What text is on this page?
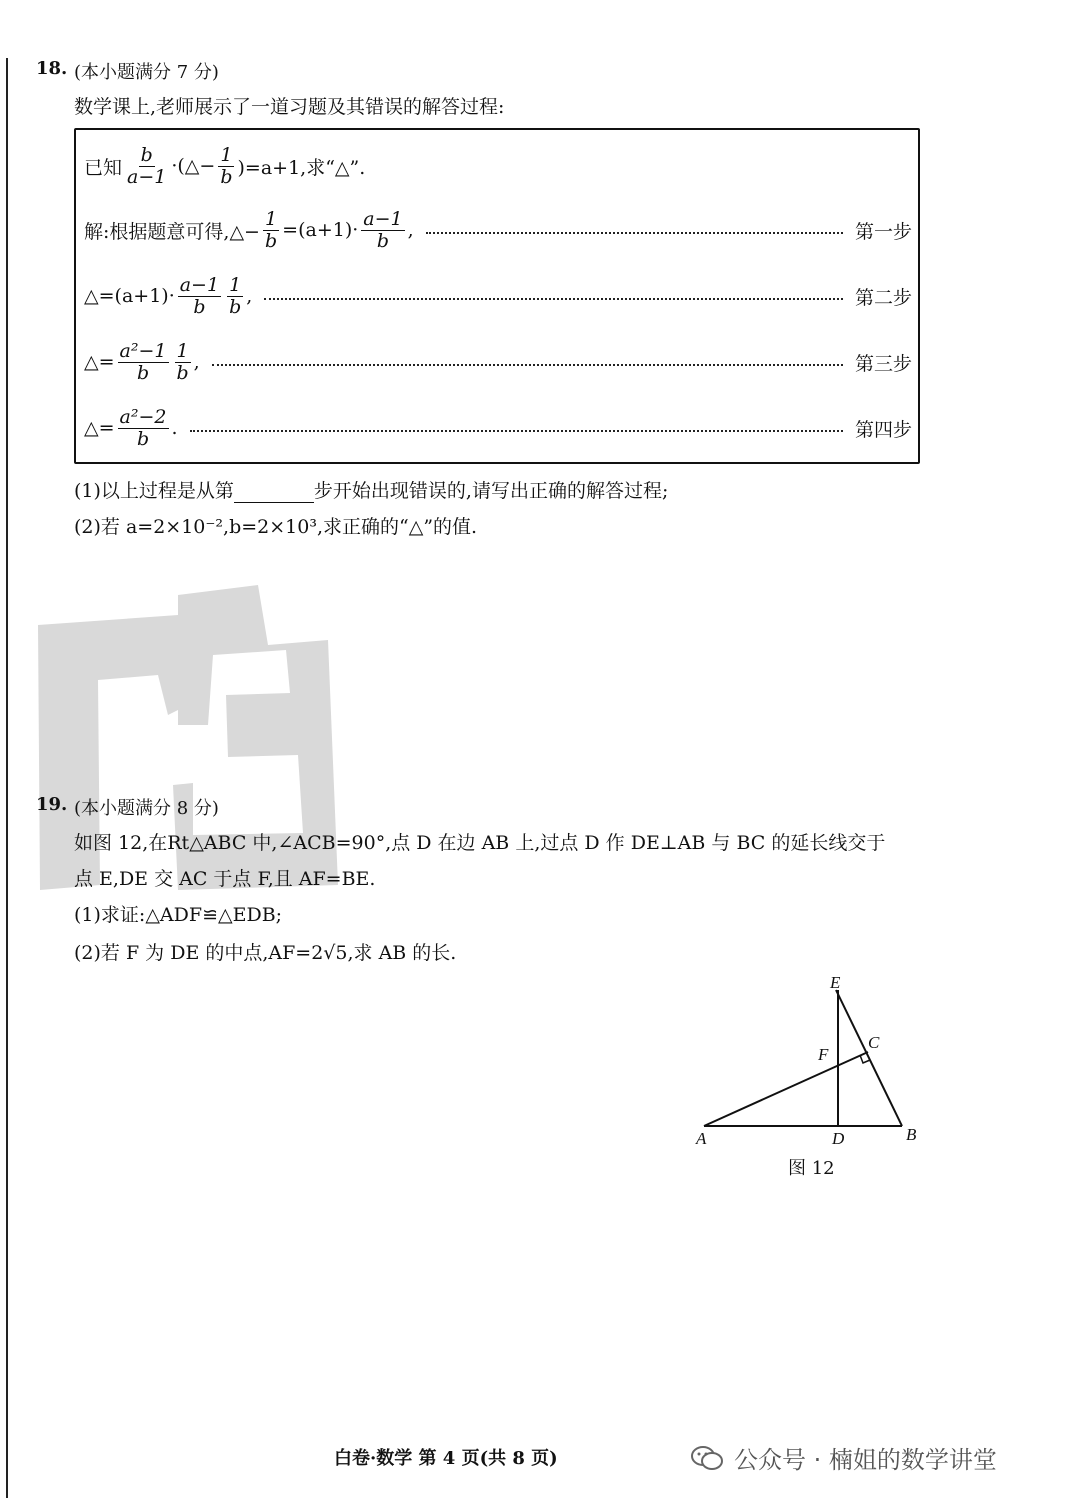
18. (本小题满分 7 分)
数学课上,老师展示了一道习题及其错误的解答过程:
已知 $\frac{b}{a-1}$ ·(△− $\frac{1}{b} )=a+1$,求“△”.
解:根据题意可得,△− $\frac{1}{b} =(a+1)\cdot \frac{a-1}{b}$ ,	第一步
△=(a+1)· $\frac{a-1}{b} \frac{1}{b}$ ,	第二步
△= $\frac{\text{a²−1}}{b} \frac{1}{b}$ ,	第三步
△= $\frac{\text{a²−2}}{b}$ .	第四步
(1)以上过程是从第	步开始出现错误的,请写出正确的解答过程;
(2)若 a=2×10⁻²,b=2×10³,求正确的“△”的值.
19. (本小题满分 8 分)
如图 12,在Rt△ABC 中,∠ACB=90°,点 D 在边 AB 上,过点 D 作 DE⊥AB 与 BC 的延长线交于
点 E,DE 交 AC 于点 F,且 AF=BE.
(1)求证:△ADF≌△EDB;
(2)若 F 为 DE 的中点,AF=2√5,求 AB 的长.
E
F
C
A	D	B
图 12
白卷·数学 第 4 页(共 8 页)	公众号 · 楠姐的数学讲堂
